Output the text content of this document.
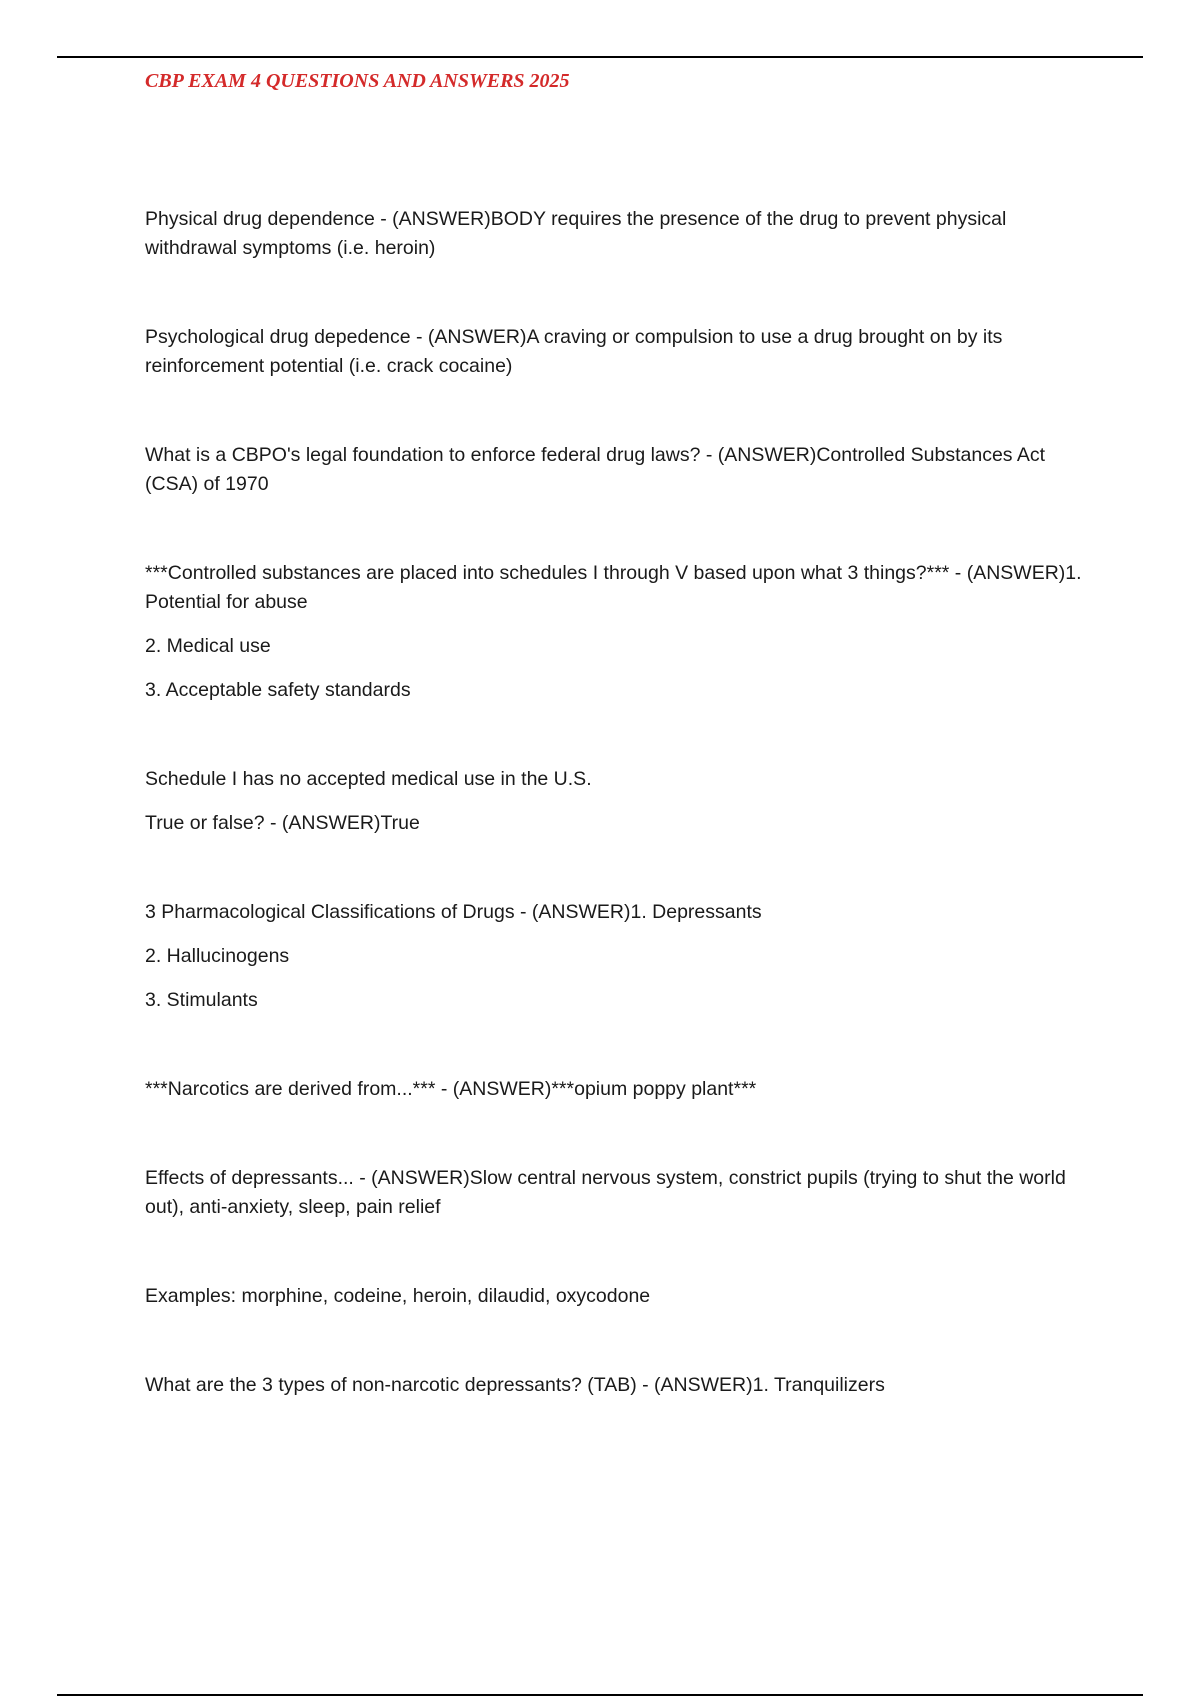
CBP EXAM 4 QUESTIONS AND ANSWERS 2025

Physical drug dependence - (ANSWER)BODY requires the presence of the drug to prevent physical withdrawal symptoms (i.e. heroin)

Psychological drug depedence - (ANSWER)A craving or compulsion to use a drug brought on by its reinforcement potential (i.e. crack cocaine)

What is a CBPO's legal foundation to enforce federal drug laws? - (ANSWER)Controlled Substances Act (CSA) of 1970

***Controlled substances are placed into schedules I through V based upon what 3 things?*** - (ANSWER)1. Potential for abuse

2. Medical use

3. Acceptable safety standards

Schedule I has no accepted medical use in the U.S.

True or false? - (ANSWER)True

3 Pharmacological Classifications of Drugs - (ANSWER)1. Depressants

2. Hallucinogens

3. Stimulants

***Narcotics are derived from...*** - (ANSWER)***opium poppy plant***

Effects of depressants... - (ANSWER)Slow central nervous system, constrict pupils (trying to shut the world out), anti-anxiety, sleep, pain relief

Examples: morphine, codeine, heroin, dilaudid, oxycodone

What are the 3 types of non-narcotic depressants? (TAB) - (ANSWER)1. Tranquilizers
